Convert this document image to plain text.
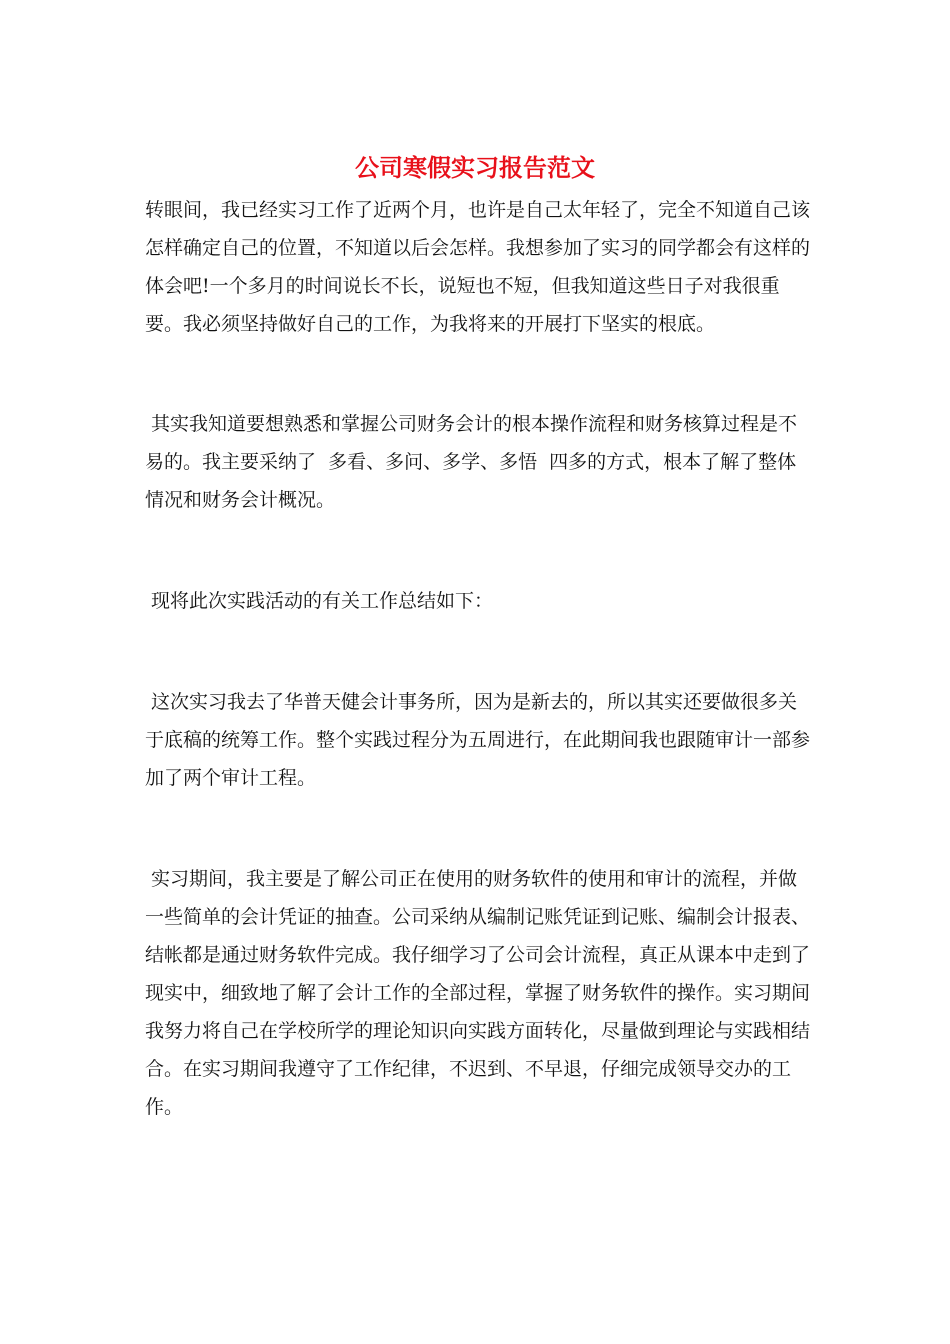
公司寒假实习报告范文

转眼间，我已经实习工作了近两个月，也许是自己太年轻了，完全不知道自己该怎样确定自己的位置，不知道以后会怎样。我想参加了实习的同学都会有这样的体会吧!一个多月的时间说长不长，说短也不短，但我知道这些日子对我很重要。我必须坚持做好自己的工作，为我将来的开展打下坚实的根底。

其实我知道要想熟悉和掌握公司财务会计的根本操作流程和财务核算过程是不易的。我主要采纳了  多看、多问、多学、多悟  四多的方式，根本了解了整体情况和财务会计概况。

现将此次实践活动的有关工作总结如下：

这次实习我去了华普天健会计事务所，因为是新去的，所以其实还要做很多关于底稿的统筹工作。整个实践过程分为五周进行，在此期间我也跟随审计一部参加了两个审计工程。

实习期间，我主要是了解公司正在使用的财务软件的使用和审计的流程，并做一些简单的会计凭证的抽查。公司采纳从编制记账凭证到记账、编制会计报表、结帐都是通过财务软件完成。我仔细学习了公司会计流程，真正从课本中走到了现实中，细致地了解了会计工作的全部过程，掌握了财务软件的操作。实习期间我努力将自己在学校所学的理论知识向实践方面转化，尽量做到理论与实践相结合。在实习期间我遵守了工作纪律，不迟到、不早退，仔细完成领导交办的工作。
